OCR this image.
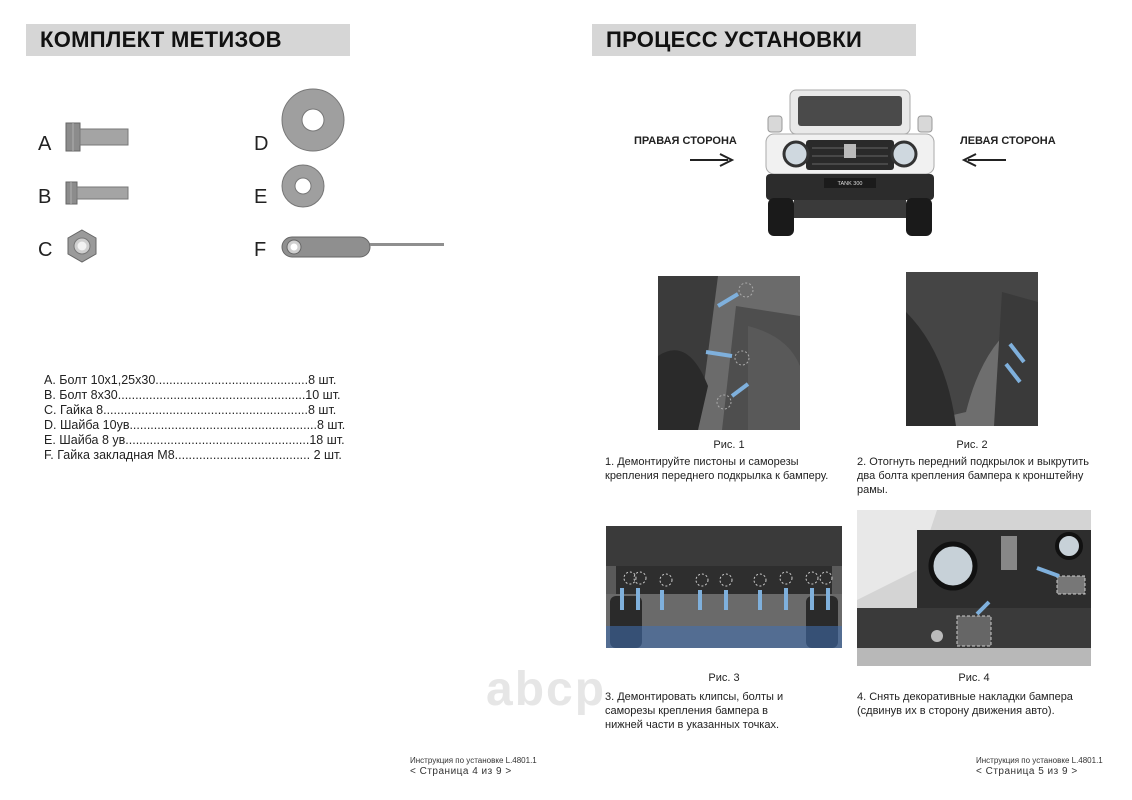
КОМПЛЕКТ МЕТИЗОВ
A
B
C
D
E
F
A. Болт 10х1,25х30............................................8 шт.
B. Болт 8х30......................................................10 шт.
C. Гайка 8...........................................................8 шт.
D. Шайба 10ув......................................................8 шт.
E. Шайба 8 ув.....................................................18 шт.
F. Гайка закладная М8....................................... 2 шт.
Инструкция по установке L.4801.1
< Страница 4 из 9 >
ПРОЦЕСС УСТАНОВКИ
TANK 300
ПРАВАЯ СТОРОНА	ЛЕВАЯ СТОРОНА
Рис. 1
1. Демонтируйте пистоны и саморезы крепления переднего подкрылка к бамперу.
Рис. 2
2. Отогнуть передний подкрылок и выкрутить два болта крепления бампера к кронштейну рамы.
Рис. 3
3. Демонтировать клипсы, болты и саморезы крепления бампера в нижней части в указанных точках.
Рис. 4
4. Снять декоративные накладки бампера (сдвинув их в сторону движения авто).
Инструкция по установке L.4801.1
< Страница 5 из 9 >
abcp
